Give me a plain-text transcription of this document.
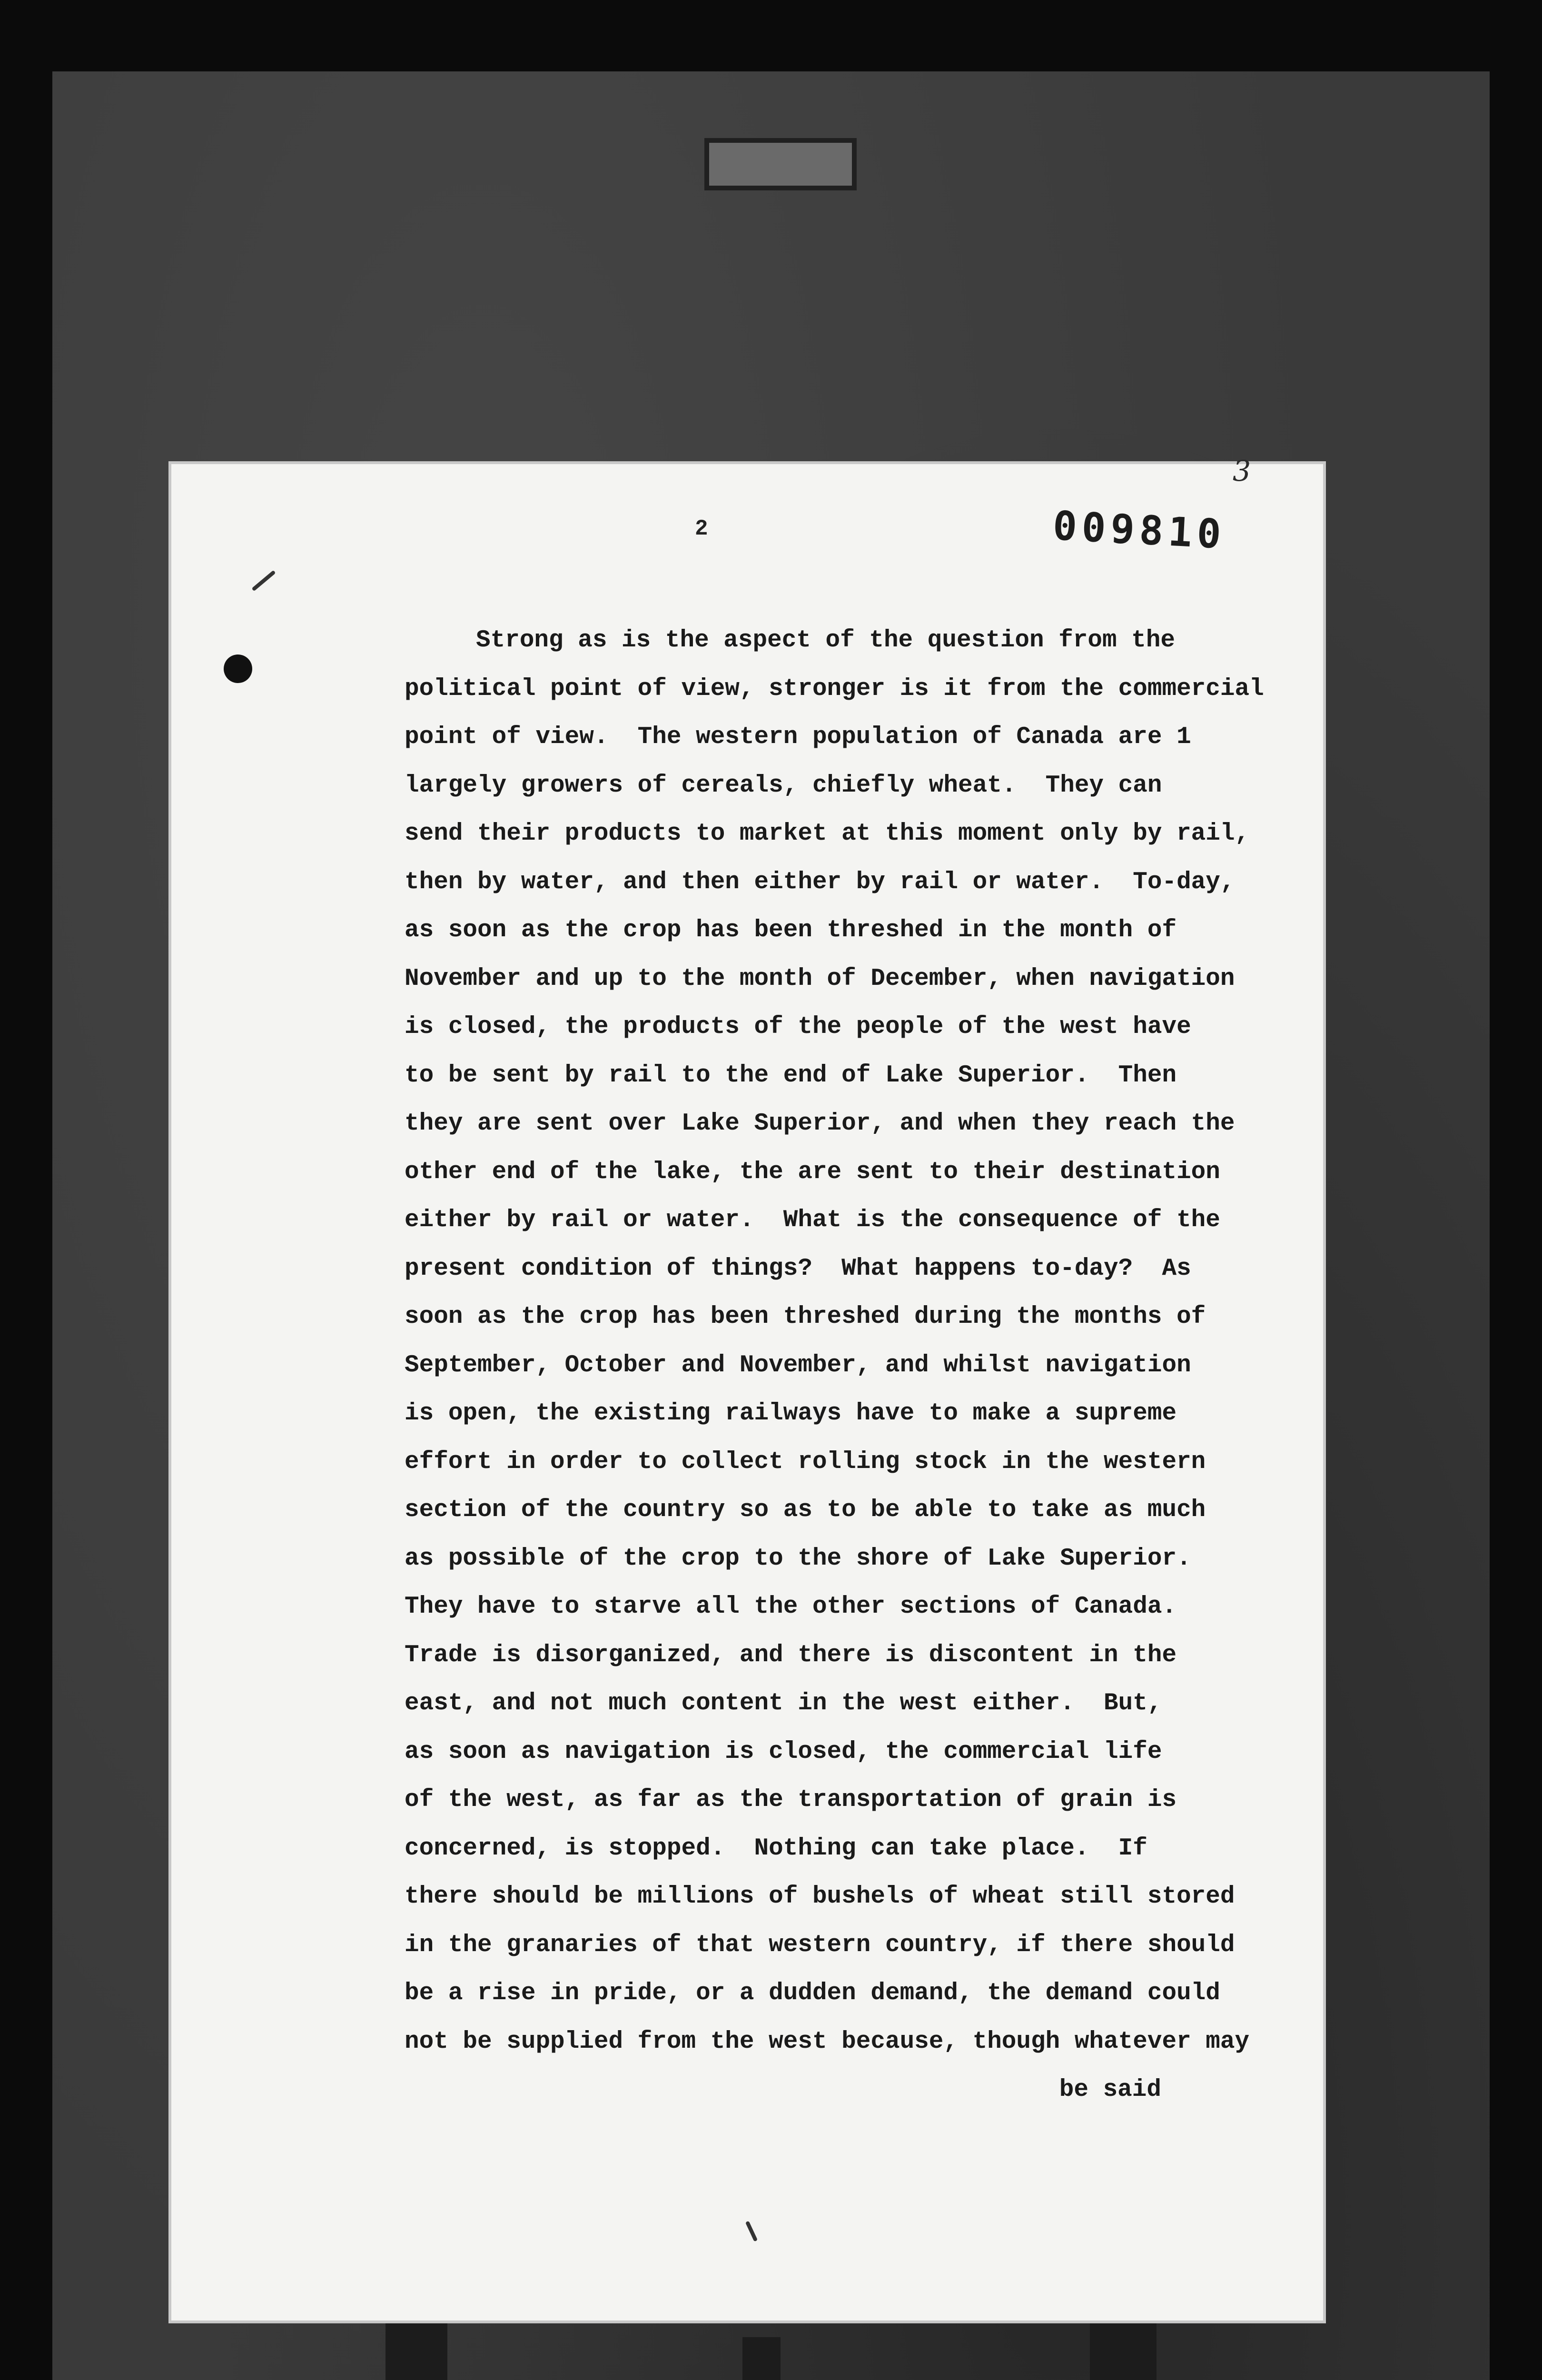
3
2	009810
Strong as is the aspect of the question from the
political point of view, stronger is it from the commercial
point of view.  The western population of Canada are 1
largely growers of cereals, chiefly wheat.  They can
send their products to market at this moment only by rail,
then by water, and then either by rail or water.  To-day,
as soon as the crop has been threshed in the month of
November and up to the month of December, when navigation
is closed, the products of the people of the west have
to be sent by rail to the end of Lake Superior.  Then
they are sent over Lake Superior, and when they reach the
other end of the lake, the are sent to their destination
either by rail or water.  What is the consequence of the
present condition of things?  What happens to-day?  As
soon as the crop has been threshed during the months of
September, October and November, and whilst navigation
is open, the existing railways have to make a supreme
effort in order to collect rolling stock in the western
section of the country so as to be able to take as much
as possible of the crop to the shore of Lake Superior.
They have to starve all the other sections of Canada.
Trade is disorganized, and there is discontent in the
east, and not much content in the west either.  But,
as soon as navigation is closed, the commercial life
of the west, as far as the transportation of grain is
concerned, is stopped.  Nothing can take place.  If
there should be millions of bushels of wheat still stored
in the granaries of that western country, if there should
be a rise in pride, or a dudden demand, the demand could
not be supplied from the west because, though whatever may
be said
